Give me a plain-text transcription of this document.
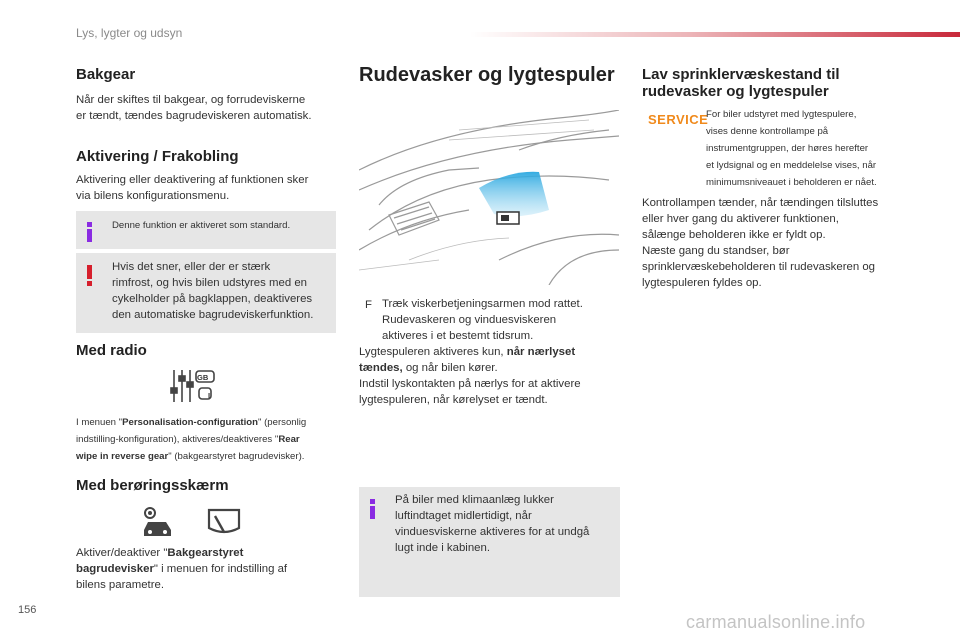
Lys, lygter og udsyn
Bakgear
Når der skiftes til bakgear, og forrudeviskerne
er tændt, tændes bagrudeviskeren automatisk.
Aktivering / Frakobling
Aktivering eller deaktivering af funktionen sker
via bilens konfigurationsmenu.
Denne funktion er aktiveret som standard.
Hvis det sner, eller der er stærk
rimfrost, og hvis bilen udstyres med en
cykelholder på bagklappen, deaktiveres
den automatiske bagrudeviskerfunktion.
Med radio
GB
I
I menuen "Personalisation-configuration" (personlig
indstilling-konfiguration), aktiveres/deaktiveres "Rear
wipe in reverse gear" (bakgearstyret bagrudevisker).
Med berøringsskærm
Aktiver/deaktiver "Bakgearstyret
bagrudevisker" i menuen for indstilling af
bilens parametre.
Rudevasker og lygtespuler
F Træk viskerbetjeningsarmen mod rattet.
Rudevaskeren og vinduesviskeren
aktiveres i et bestemt tidsrum.
Lygtespuleren aktiveres kun, når nærlyset
tændes, og når bilen kører.
Indstil lyskontakten på nærlys for at aktivere
lygtespuleren, når kørelyset er tændt.
På biler med klimaanlæg lukker
luftindtaget midlertidigt, når
vinduesviskerne aktiveres for at undgå
lugt inde i kabinen.
Lav sprinklervæskestand til
rudevasker og lygtespuler
SERVICE
For biler udstyret med lygtespulere,
vises denne kontrollampe på
instrumentgruppen, der høres herefter
et lydsignal og en meddelelse vises, når
minimumsniveauet i beholderen er nået.
Kontrollampen tænder, når tændingen tilsluttes
eller hver gang du aktiverer funktionen,
sålænge beholderen ikke er fyldt op.
Næste gang du standser, bør
sprinklervæskebeholderen til rudevaskeren og
lygtespuleren fyldes op.
156
carmanualsonline.info
